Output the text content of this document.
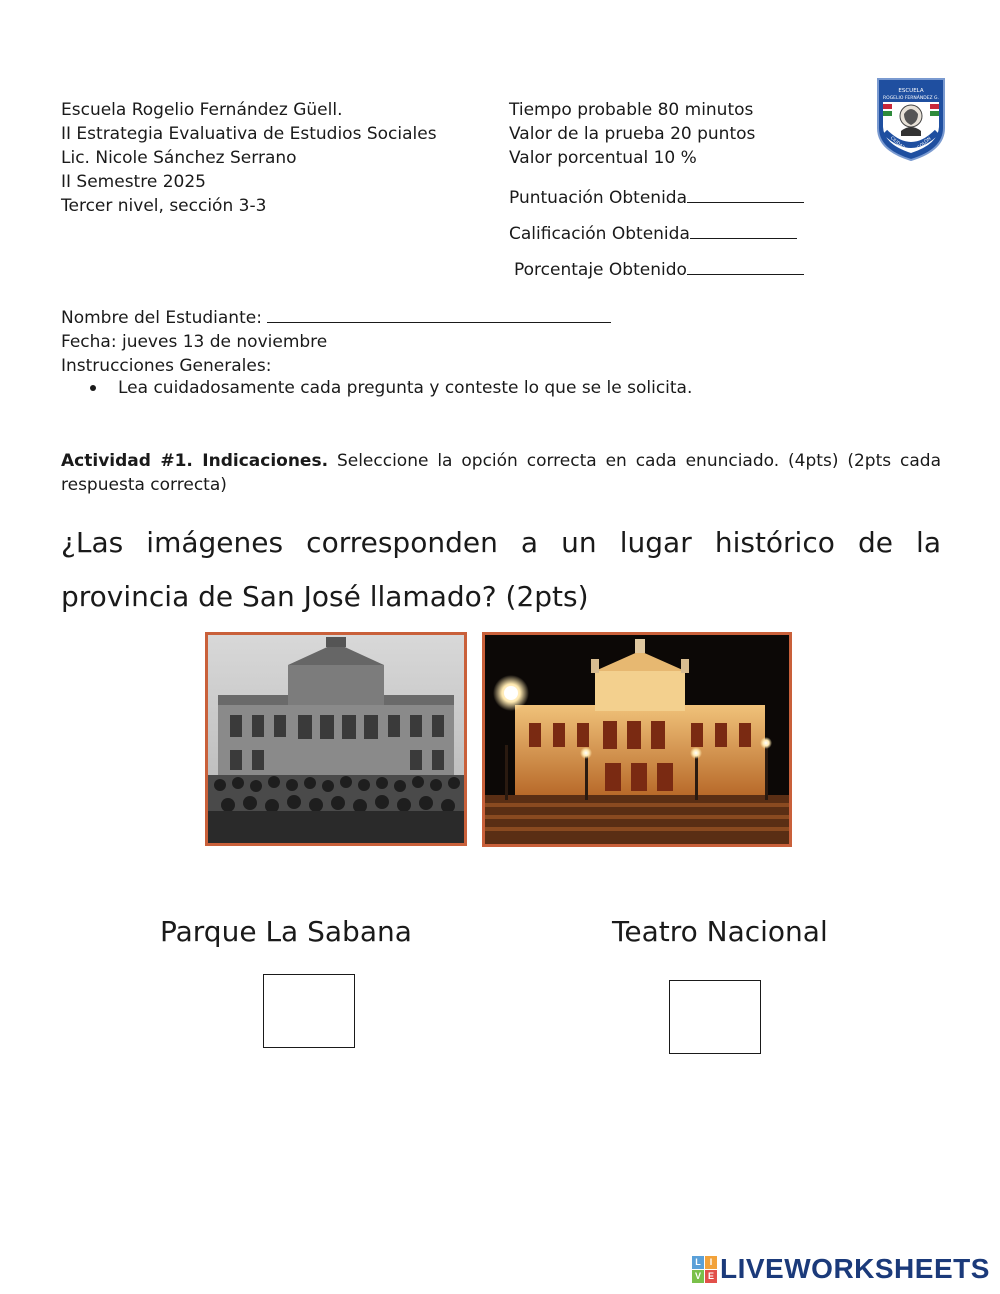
Escuela Rogelio Fernández Güell.
II Estrategia Evaluativa de Estudios Sociales
Lic. Nicole Sánchez Serrano
II Semestre 2025
Tercer nivel, sección 3-3
Tiempo probable 80 minutos
Valor de la prueba 20 puntos
Valor porcentual 10 %
Puntuación Obtenida
Calificación Obtenida
Porcentaje Obtenido
ESCUELA
ROGELIO FERNÁNDEZ G.
CIUDAD	COLÓN
Nombre del Estudiante:
Fecha: jueves 13 de noviembre
Instrucciones Generales:
Lea cuidadosamente cada pregunta y conteste lo que se le solicita.
Actividad #1. Indicaciones. Seleccione la opción correcta en cada enunciado. (4pts) (2pts cada respuesta correcta)
¿Las imágenes corresponden a un lugar histórico de la provincia de San José llamado? (2pts)
Parque La Sabana	Teatro Nacional
L I
V E LIVEWORKSHEETS
